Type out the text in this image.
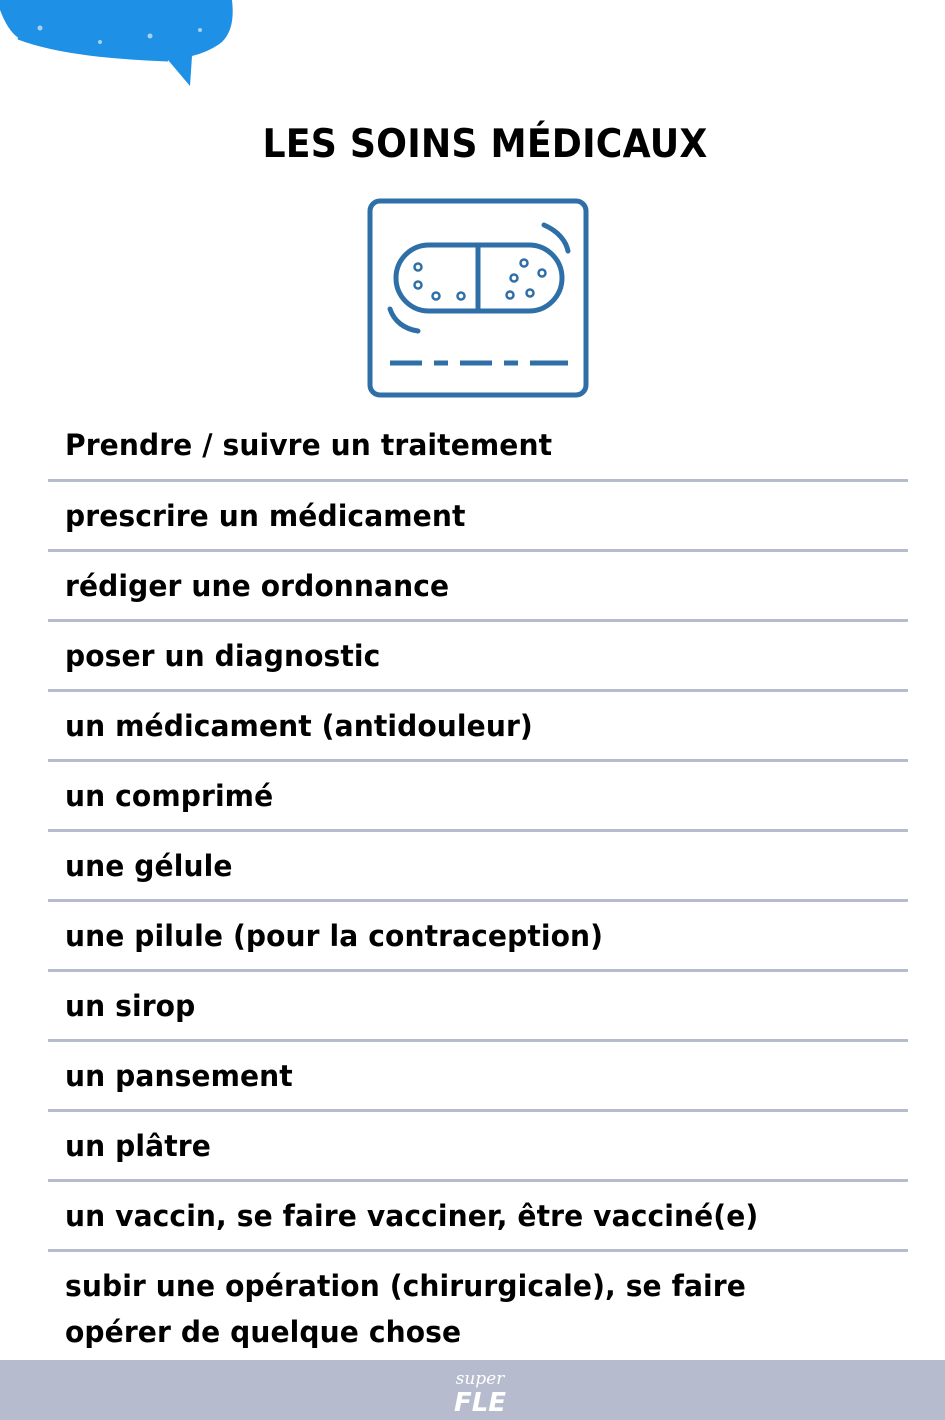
LES SOINS MÉDICAUX
Prendre / suivre un traitement
prescrire un médicament
rédiger une ordonnance
poser un diagnostic
un médicament (antidouleur)
un comprimé
une gélule
une pilule (pour la contraception)
un sirop
un pansement
un plâtre
un vaccin, se faire vacciner, être vacciné(e)
subir une opération (chirurgicale), se faire opérer de quelque chose
super
FLE
